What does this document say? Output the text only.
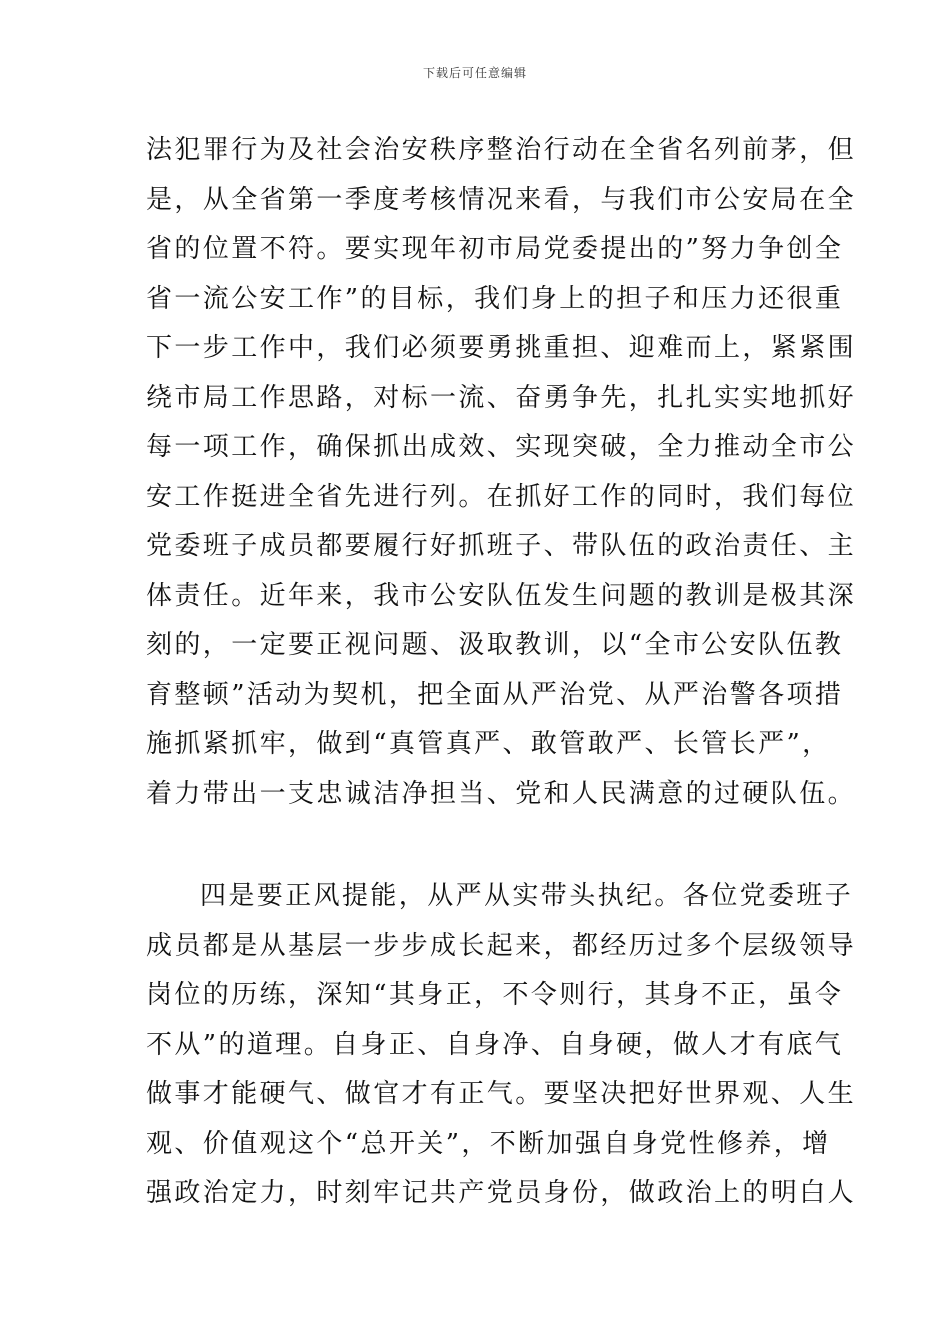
下载后可任意编辑
法犯罪行为及社会治安秩序整治行动在全省名列前茅，但
是，从全省第一季度考核情况来看，与我们市公安局在全
省的位置不符。要实现年初市局党委提出的”努力争创全
省一流公安工作”的目标，我们身上的担子和压力还很重
下一步工作中，我们必须要勇挑重担、迎难而上，紧紧围
绕市局工作思路，对标一流、奋勇争先，扎扎实实地抓好
每一项工作，确保抓出成效、实现突破，全力推动全市公
安工作挺进全省先进行列。在抓好工作的同时，我们每位
党委班子成员都要履行好抓班子、带队伍的政治责任、主
体责任。近年来，我市公安队伍发生问题的教训是极其深
刻的，一定要正视问题、汲取教训，以“全市公安队伍教
育整顿”活动为契机，把全面从严治党、从严治警各项措
施抓紧抓牢，做到“真管真严、敢管敢严、长管长严”，
着力带出一支忠诚洁净担当、党和人民满意的过硬队伍。
四是要正风提能，从严从实带头执纪。各位党委班子
成员都是从基层一步步成长起来，都经历过多个层级领导
岗位的历练，深知“其身正，不令则行，其身不正，虽令
不从”的道理。自身正、自身净、自身硬，做人才有底气
做事才能硬气、做官才有正气。要坚决把好世界观、人生
观、价值观这个“总开关”，不断加强自身党性修养，增
强政治定力，时刻牢记共产党员身份，做政治上的明白人
